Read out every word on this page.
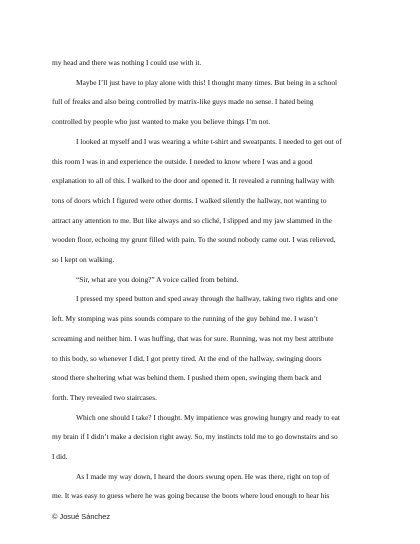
my head and there was nothing I could use with it.

Maybe I’ll just have to play alone with this! I thought many times. But being in a school

full of freaks and also being controlled by matrix-like guys made no sense. I hated being

controlled by people who just wanted to make you believe things I’m not.

I looked at myself and I was wearing a white t-shirt and sweatpants. I needed to get out of

this room I was in and experience the outside. I needed to know where I was and a good

explanation to all of this. I walked to the door and opened it. It revealed a running hallway with

tons of doors which I figured were other dorms. I walked silently the hallway, not wanting to

attract any attention to me. But like always and so cliché, I slipped and my jaw slammed in the

wooden floor, echoing my grunt filled with pain. To the sound nobody came out. I was relieved,

so I kept on walking.

“Sir, what are you doing?” A voice called from behind.

I pressed my speed button and sped away through the hallway, taking two rights and one

left. My stomping was pins sounds compare to the running of the guy behind me. I wasn’t

screaming and neither him. I was huffing, that was for sure. Running, was not my best attribute

to this body, so whenever I did, I got pretty tired. At the end of the hallway, swinging doors

stood there sheltering what was behind them. I pushed them open, swinging them back and

forth. They revealed two staircases.

Which one should I take? I thought. My impatience was growing hungry and ready to eat

my brain if I didn’t make a decision right away. So, my instincts told me to go downstairs and so

I did.

As I made my way down, I heard the doors swung open. He was there, right on top of

me. It was easy to guess where he was going because the boots where loud enough to hear his

© Josué Sánchez
